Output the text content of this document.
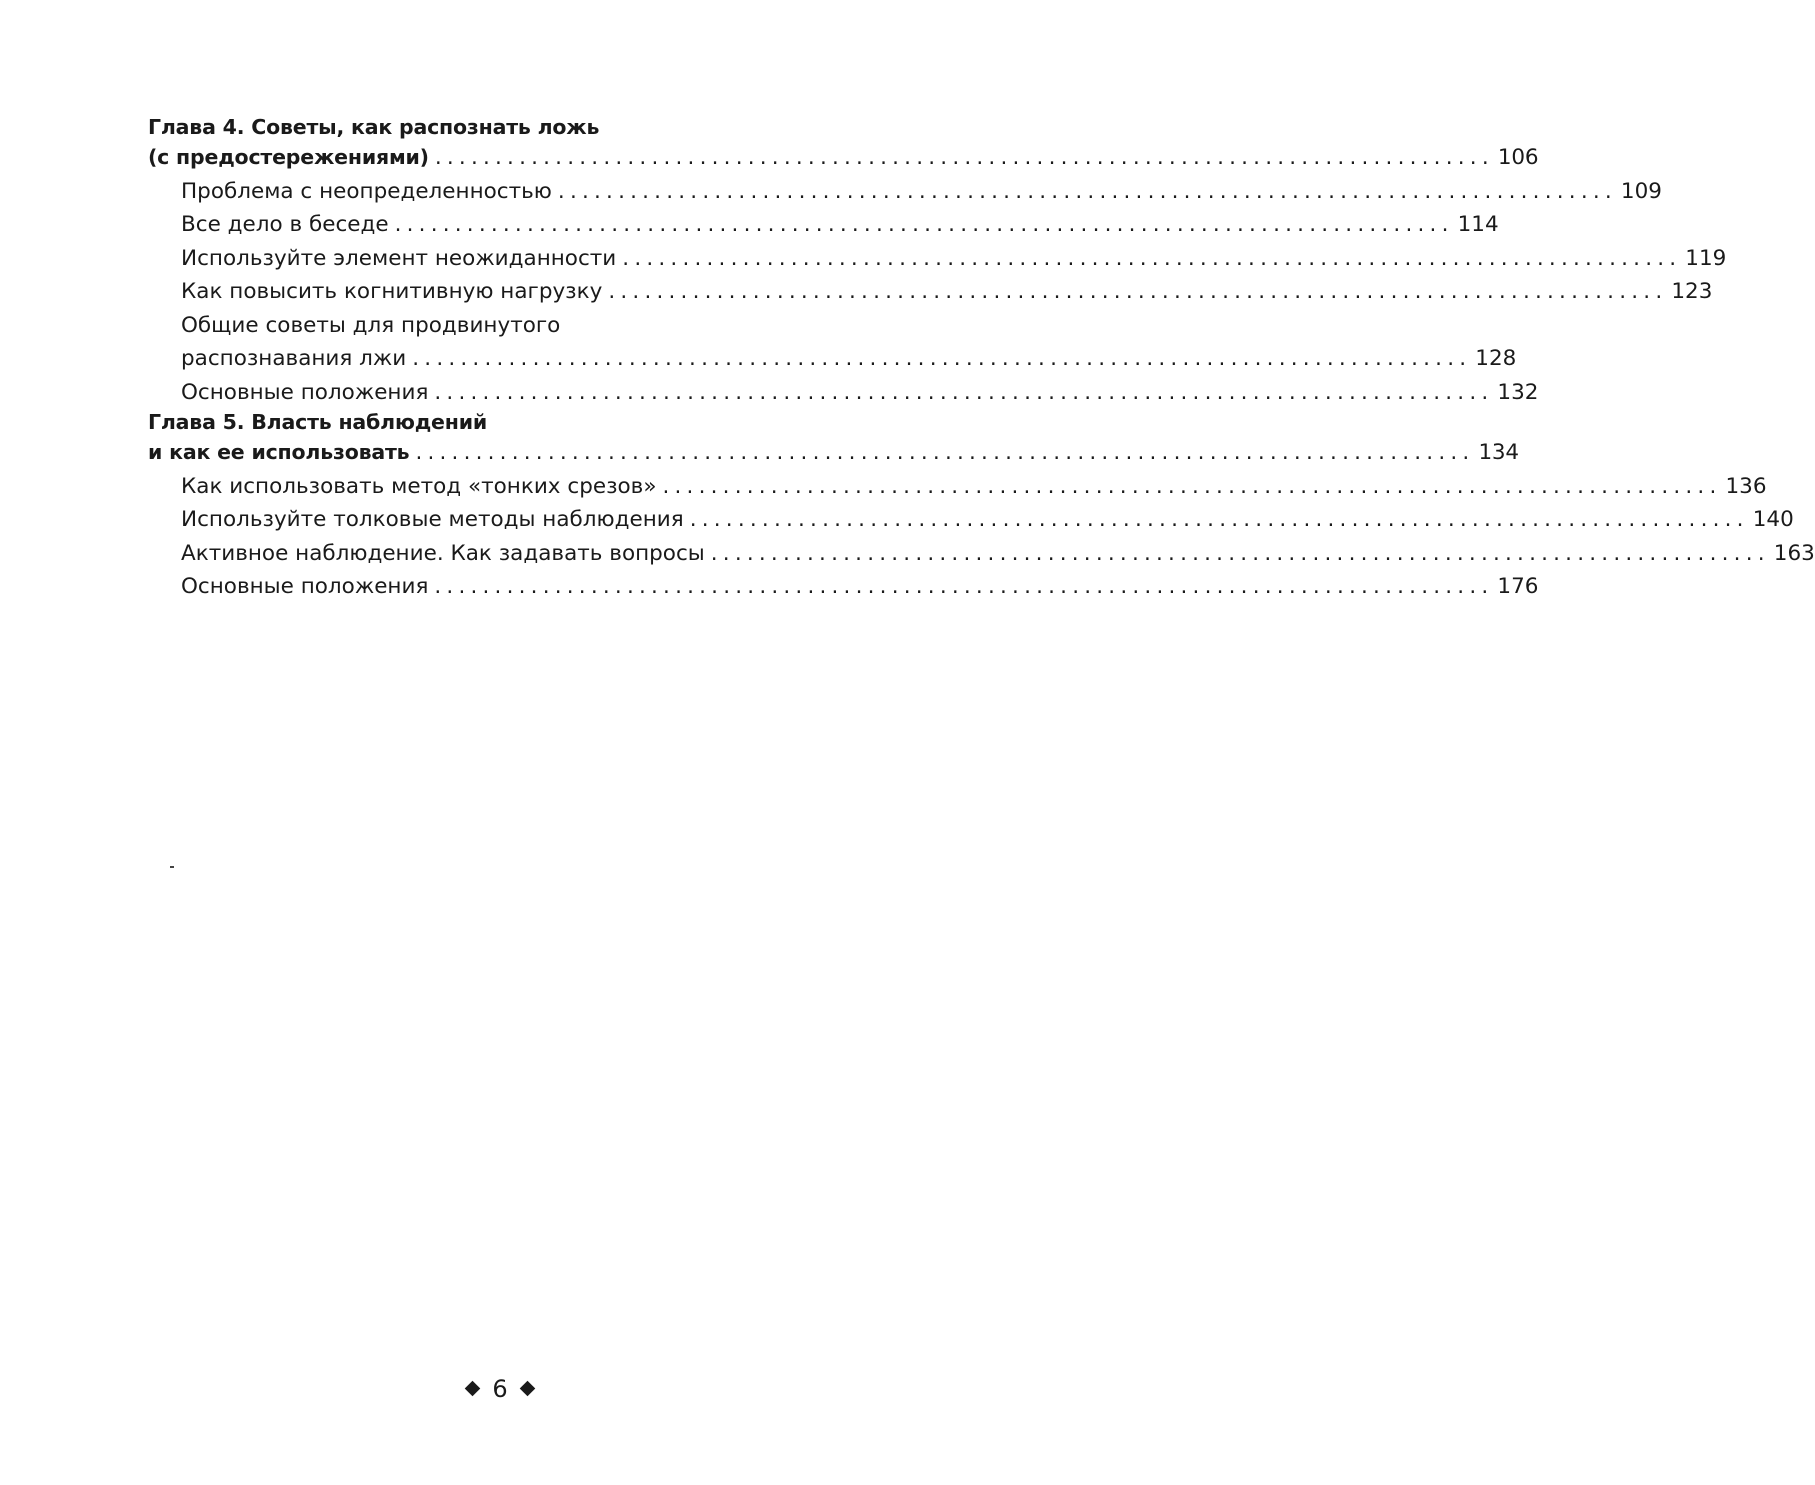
Глава 4. Советы, как распознать ложь
(с предостережениями) ........................................................................................ 106
Проблема с неопределенностью ........................................................................................ 109
Все дело в беседе ........................................................................................ 114
Используйте элемент неожиданности ........................................................................................ 119
Как повысить когнитивную нагрузку ........................................................................................ 123
Общие советы для продвинутого
распознавания лжи ........................................................................................ 128
Основные положения ........................................................................................ 132
Глава 5. Власть наблюдений
и как ее использовать ........................................................................................ 134
Как использовать метод «тонких срезов» ........................................................................................ 136
Используйте толковые методы наблюдения ........................................................................................ 140
Активное наблюдение. Как задавать вопросы ........................................................................................ 163
Основные положения ........................................................................................ 176
6
